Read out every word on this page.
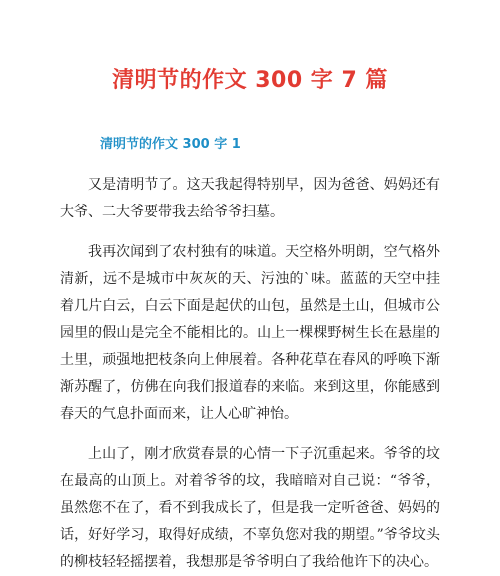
清明节的作文 300 字 7 篇
清明节的作文 300 字 1

又是清明节了。这天我起得特别早，因为爸爸、妈妈还有大爷、二大爷要带我去给爷爷扫墓。

我再次闻到了农村独有的味道。天空格外明朗，空气格外清新，远不是城市中灰灰的天、污浊的`味。蓝蓝的天空中挂着几片白云，白云下面是起伏的山包，虽然是土山，但城市公园里的假山是完全不能相比的。山上一棵棵野树生长在悬崖的土里，顽强地把枝条向上伸展着。各种花草在春风的呼唤下渐渐苏醒了，仿佛在向我们报道春的来临。来到这里，你能感到春天的气息扑面而来，让人心旷神怡。

上山了，刚才欣赏春景的心情一下子沉重起来。爷爷的坟在最高的山顶上。对着爷爷的坟，我暗暗对自己说：“爷爷，虽然您不在了，看不到我成长了，但是我一定听爸爸、妈妈的话，好好学习，取得好成绩，不辜负您对我的期望。”爷爷坟头的柳枝轻轻摇摆着，我想那是爷爷明白了我给他许下的决心。
